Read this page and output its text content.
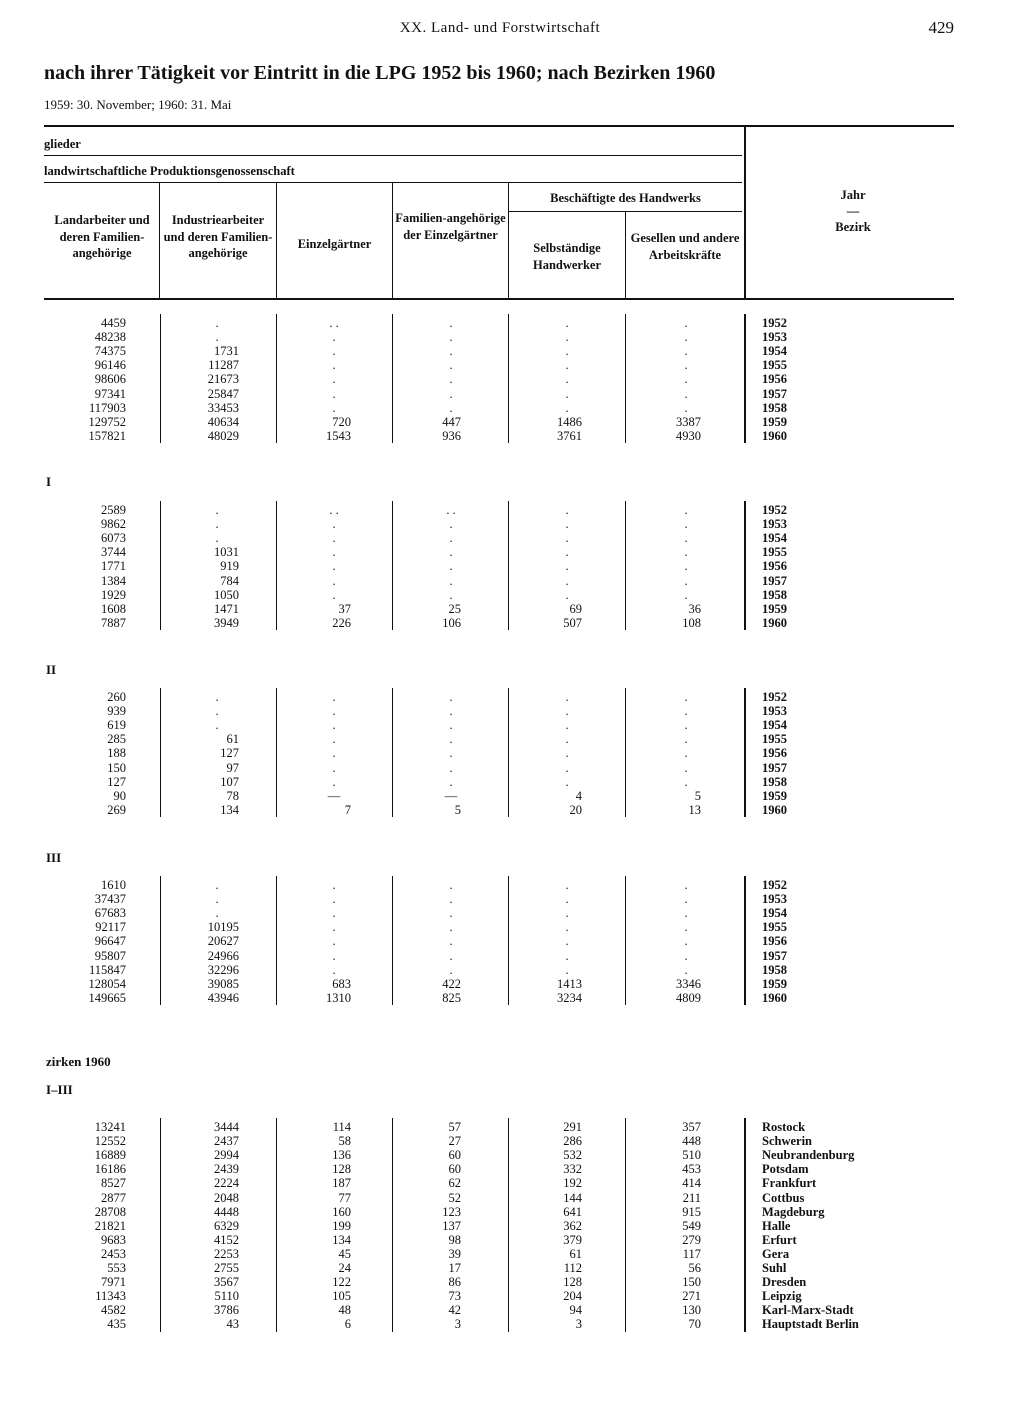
XX. Land- und Forstwirtschaft	429
nach ihrer Tätigkeit vor Eintritt in die LPG 1952 bis 1960; nach Bezirken 1960
1959: 30. November; 1960: 31. Mai
glieder
landwirtschaftliche Produktionsgenossenschaft
Beschäftigte des Handwerks
Landarbeiter und deren Familien-angehörige
Industriearbeiter und deren Familien-angehörige
Einzelgärtner
Familien-angehörige der Einzelgärtner
Selbständige Handwerker
Gesellen und andere Arbeitskräfte
Jahr
—
Bezirk
4459	.	. .	.	.	.	1952
48238	.	.	.	.	.	1953
74375	1731	.	.	.	.	1954
96146	11287	.	.	.	.	1955
98606	21673	.	.	.	.	1956
97341	25847	.	.	.	.	1957
117903	33453	.	.	.	.	1958
129752	40634	720	447	1486	3387	1959
157821	48029	1543	936	3761	4930	1960
I
2589	.	. .	. .	.	.	1952
9862	.	.	.	.	.	1953
6073	.	.	.	.	.	1954
3744	1031	.	.	.	.	1955
1771	919	.	.	.	.	1956
1384	784	.	.	.	.	1957
1929	1050	.	.	.	.	1958
1608	1471	37	25	69	36	1959
7887	3949	226	106	507	108	1960
II
260	.	.	.	.	.	1952
939	.	.	.	.	.	1953
619	.	.	.	.	.	1954
285	61	.	.	.	.	1955
188	127	.	.	.	.	1956
150	97	.	.	.	.	1957
127	107	.	.	.	.	1958
90	78	—	—	4	5	1959
269	134	7	5	20	13	1960
III
1610	.	.	.	.	.	1952
37437	.	.	.	.	.	1953
67683	.	.	.	.	.	1954
92117	10195	.	.	.	.	1955
96647	20627	.	.	.	.	1956
95807	24966	.	.	.	.	1957
115847	32296	.	.	.	.	1958
128054	39085	683	422	1413	3346	1959
149665	43946	1310	825	3234	4809	1960
zirken 1960
I–III
13241	3444	114	57	291	357	Rostock
12552	2437	58	27	286	448	Schwerin
16889	2994	136	60	532	510	Neubrandenburg
16186	2439	128	60	332	453	Potsdam
8527	2224	187	62	192	414	Frankfurt
2877	2048	77	52	144	211	Cottbus
28708	4448	160	123	641	915	Magdeburg
21821	6329	199	137	362	549	Halle
9683	4152	134	98	379	279	Erfurt
2453	2253	45	39	61	117	Gera
553	2755	24	17	112	56	Suhl
7971	3567	122	86	128	150	Dresden
11343	5110	105	73	204	271	Leipzig
4582	3786	48	42	94	130	Karl-Marx-Stadt
435	43	6	3	3	70	Hauptstadt Berlin
